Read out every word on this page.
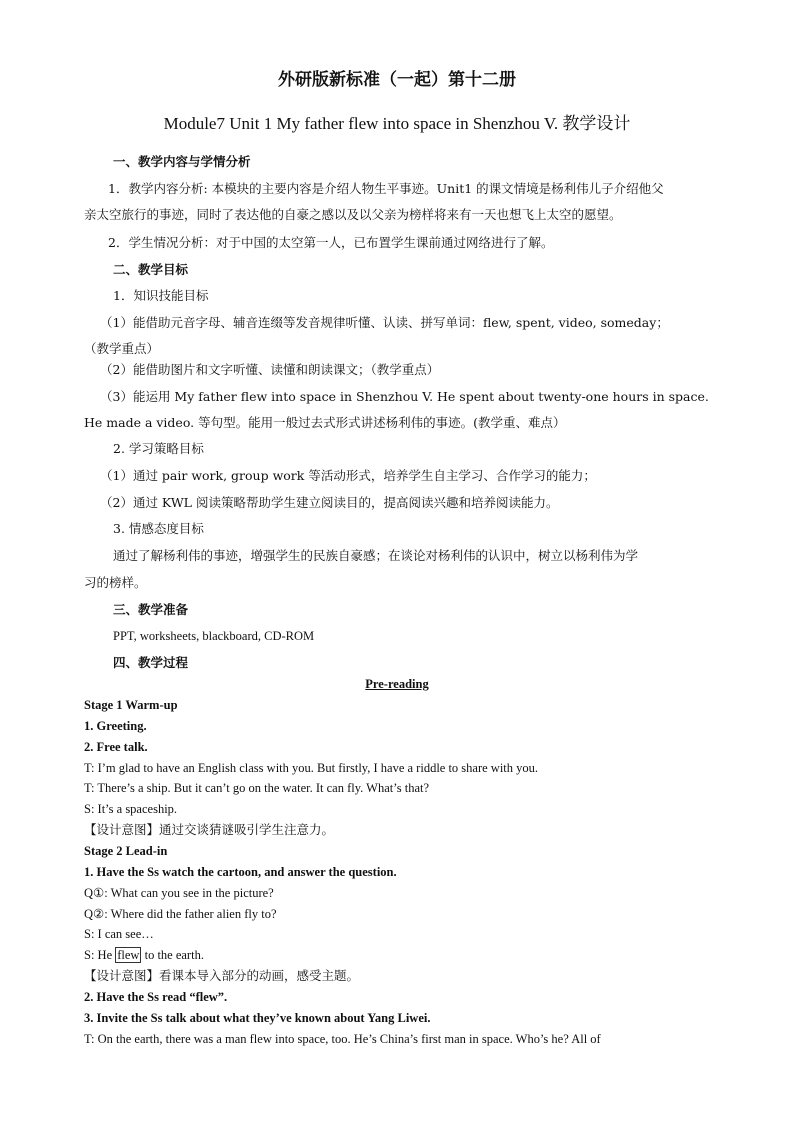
外研版新标准（一起）第十二册
Module7 Unit 1 My father flew into space in Shenzhou V. 教学设计
一、教学内容与学情分析
1．教学内容分析: 本模块的主要内容是介绍人物生平事迹。Unit1 的课文情境是杨利伟儿子介绍他父
亲太空旅行的事迹，同时了表达他的自豪之感以及以父亲为榜样将来有一天也想飞上太空的愿望。
2．学生情况分析：对于中国的太空第一人，已布置学生课前通过网络进行了解。
二、教学目标
1．知识技能目标
（1）能借助元音字母、辅音连缀等发音规律听懂、认读、拼写单词：flew, spent, video, someday；
（教学重点）
（2）能借助图片和文字听懂、读懂和朗读课文；（教学重点）
（3）能运用 My father flew into space in Shenzhou V. He spent about twenty-one hours in space.
He made a video. 等句型。能用一般过去式形式讲述杨利伟的事迹。(教学重、难点）
2. 学习策略目标
（1）通过 pair work, group work 等活动形式，培养学生自主学习、合作学习的能力；
（2）通过 KWL 阅读策略帮助学生建立阅读目的，提高阅读兴趣和培养阅读能力。
3. 情感态度目标
通过了解杨利伟的事迹，增强学生的民族自豪感；在谈论对杨利伟的认识中，树立以杨利伟为学
习的榜样。
三、教学准备
PPT, worksheets, blackboard, CD-ROM
四、教学过程
Pre-reading
Stage 1 Warm-up
1. Greeting.
2. Free talk.
T: I’m glad to have an English class with you. But firstly, I have a riddle to share with you.
T: There’s a ship. But it can’t go on the water. It can fly. What’s that?
S: It’s a spaceship.
【设计意图】通过交谈猜谜吸引学生注意力。
Stage 2 Lead-in
1. Have the Ss watch the cartoon, and answer the question.
Q①: What can you see in the picture?
Q②: Where did the father alien fly to?
S: I can see…
S: He flew to the earth.
【设计意图】看课本导入部分的动画，感受主题。
2. Have the Ss read “flew”.
3. Invite the Ss talk about what they’ve known about Yang Liwei.
T: On the earth, there was a man flew into space, too. He’s China’s first man in space. Who’s he? All of
